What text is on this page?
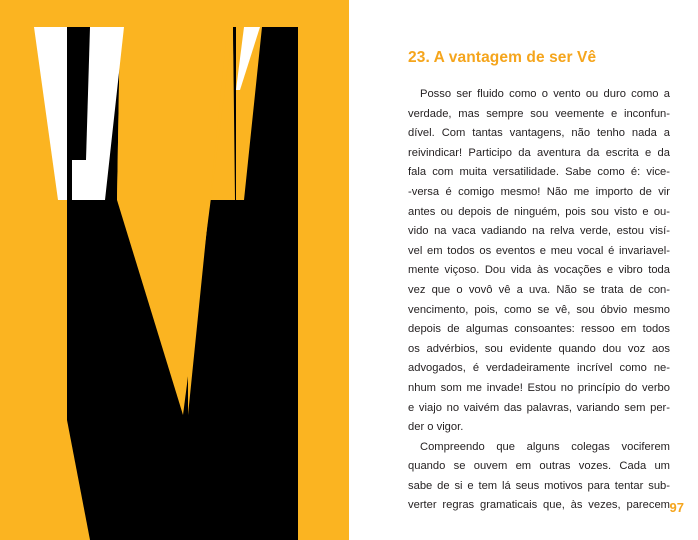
23. A vantagem de ser Vê
Posso ser fluido como o vento ou duro como a
verdade, mas sempre sou veemente e inconfun-
dível. Com tantas vantagens, não tenho nada a
reivindicar! Participo da aventura da escrita e da
fala com muita versatilidade. Sabe como é: vice-
-versa é comigo mesmo! Não me importo de vir
antes ou depois de ninguém, pois sou visto e ou-
vido na vaca vadiando na relva verde, estou visí-
vel em todos os eventos e meu vocal é invariavel-
mente viçoso. Dou vida às vocações e vibro toda
vez que o vovô vê a uva. Não se trata de con-
vencimento, pois, como se vê, sou óbvio mesmo
depois de algumas consoantes: ressoo em todos
os advérbios, sou evidente quando dou voz aos
advogados, é verdadeiramente incrível como ne-
nhum som me invade! Estou no princípio do verbo
e viajo no vaivém das palavras, variando sem per-
der o vigor.
Compreendo que alguns colegas vociferem
quando se ouvem em outras vozes. Cada um
sabe de si e tem lá seus motivos para tentar sub-
verter regras gramaticais que, às vezes, parecem 97
